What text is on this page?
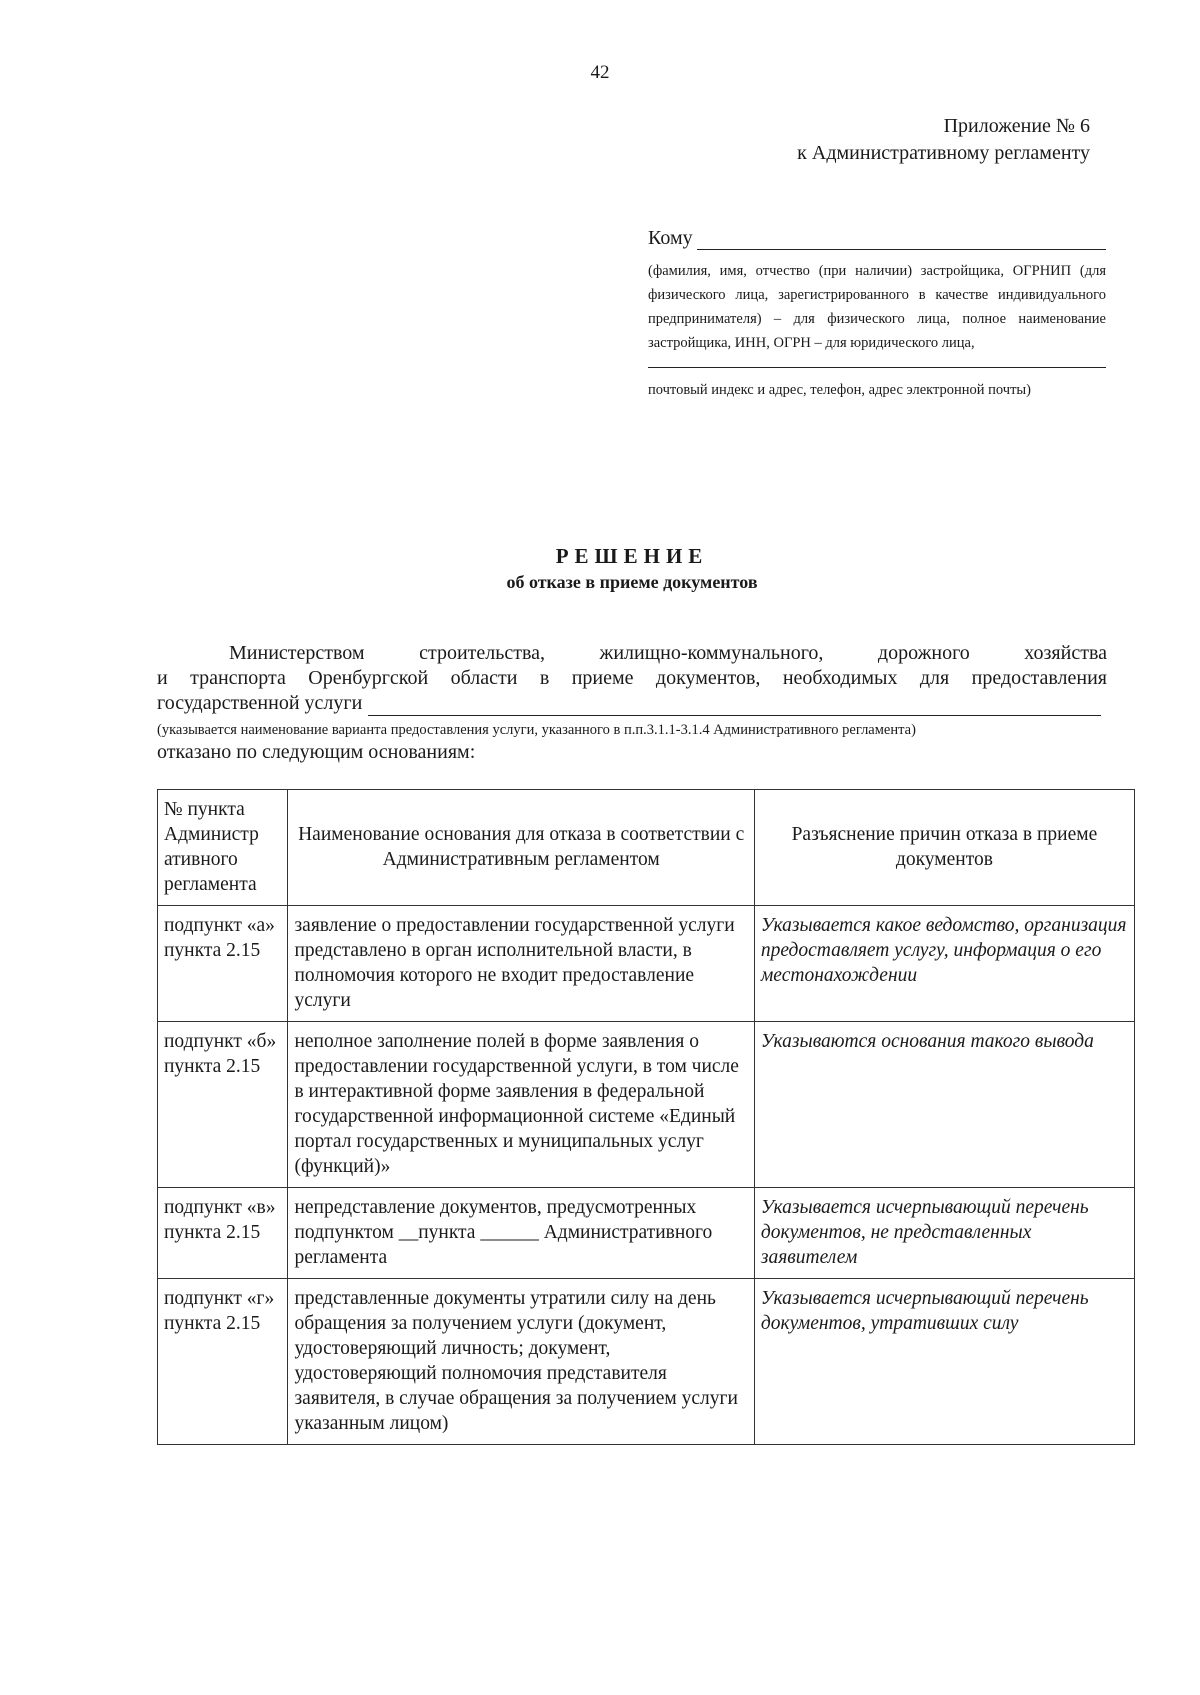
42
Приложение № 6
к Административному регламенту
Кому
(фамилия, имя, отчество (при наличии) застройщика, ОГРНИП (для физического лица, зарегистрированного в качестве индивидуального предпринимателя) – для физического лица, полное наименование застройщика, ИНН, ОГРН – для юридического лица,
почтовый индекс и адрес, телефон, адрес электронной почты)
РЕШЕНИЕ
об отказе в приеме документов
Министерством строительства, жилищно-коммунального, дорожного хозяйства
и транспорта Оренбургской области в приеме документов, необходимых для предоставления
государственной услуги
(указывается наименование варианта предоставления услуги, указанного в п.п.3.1.1-3.1.4 Административного регламента)
отказано по следующим основаниям:
№ пункта Администр ативного регламента	Наименование основания для отказа в соответствии с Административным регламентом	Разъяснение причин отказа в приеме документов
подпункт «а» пункта 2.15	заявление о предоставлении государственной услуги представлено в орган исполнительной власти, в полномочия которого не входит предоставление услуги	Указывается какое ведомство, организация предоставляет услугу, информация о его местонахождении
подпункт «б» пункта 2.15	неполное заполнение полей в форме заявления о предоставлении государственной услуги, в том числе в интерактивной форме заявления в федеральной государственной информационной системе «Единый портал государственных и муниципальных услуг (функций)»	Указываются основания такого вывода
подпункт «в» пункта 2.15	непредставление документов, предусмотренных подпунктом __пункта ______ Административного регламента	Указывается исчерпывающий перечень документов, не представленных заявителем
подпункт «г» пункта 2.15	представленные документы утратили силу на день обращения за получением услуги (документ, удостоверяющий личность; документ, удостоверяющий полномочия представителя заявителя, в случае обращения за получением услуги указанным лицом)	Указывается исчерпывающий перечень документов, утративших силу
